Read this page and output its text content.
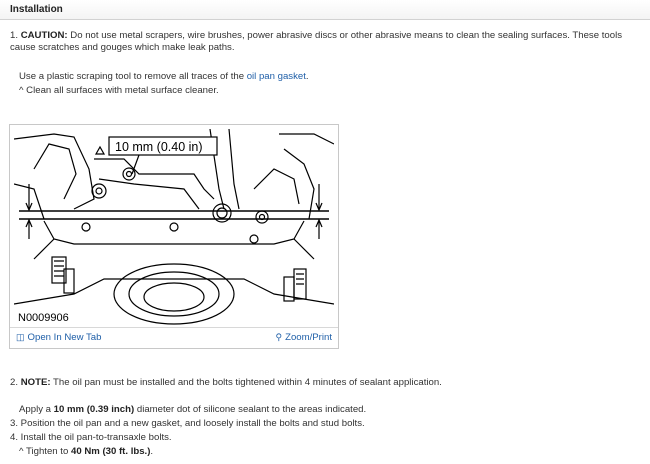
Installation
1. CAUTION: Do not use metal scrapers, wire brushes, power abrasive discs or other abrasive means to clean the sealing surfaces. These tools cause scratches and gouges which make leak paths.
Use a plastic scraping tool to remove all traces of the oil pan gasket.
^ Clean all surfaces with metal surface cleaner.
10 mm (0.40 in)
N0009906
◫ Open In New Tab	⚲ Zoom/Print
2. NOTE: The oil pan must be installed and the bolts tightened within 4 minutes of sealant application.
Apply a 10 mm (0.39 inch) diameter dot of silicone sealant to the areas indicated.
3. Position the oil pan and a new gasket, and loosely install the bolts and stud bolts.
4. Install the oil pan-to-transaxle bolts.
^ Tighten to 40 Nm (30 ft. lbs.).
